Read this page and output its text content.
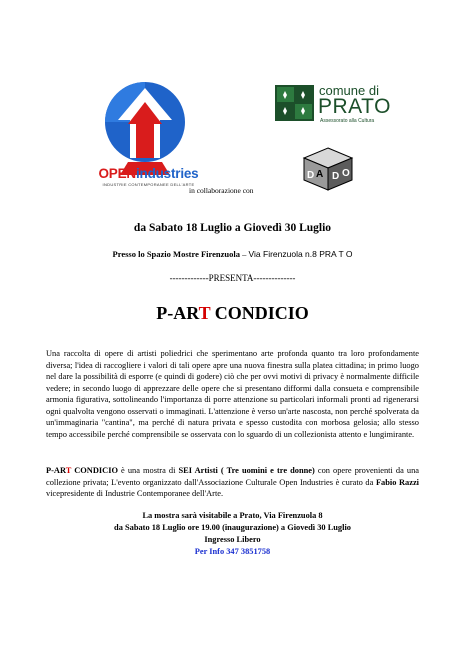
OPENindustries
INDUSTRIE CONTEMPORANEE DELL'ARTE
comune di
PRATO
Assessorato alla Cultura
in collaborazione con
D A D O
da Sabato 18 Luglio a Giovedì 30 Luglio
Presso lo Spazio Mostre Firenzuola – Via Firenzuola n.8 PRA T O
-------------PRESENTA--------------
P-ART CONDICIO
Una raccolta di opere di artisti poliedrici che sperimentano arte profonda quanto tra loro profondamente diversa; l'idea di raccogliere i valori di tali opere apre una nuova finestra sulla platea cittadina; in primo luogo nel dare la possibilità di esporre (e quindi di godere) ciò che per ovvi motivi di privacy è normalmente difficile vedere; in secondo luogo di apprezzare delle opere che si presentano difformi dalla consueta e comprensibile armonia figurativa, sottolineando l'importanza di porre attenzione su particolari informali pronti ad rigenerarsi ogni qualvolta vengono osservati o immaginati. L'attenzione è verso un'arte nascosta, non perché spolverata da un'immaginaria "cantina", ma perché di natura privata e spesso custodita con morbosa gelosia; allo stesso tempo accessibile perché comprensibile se osservata con lo sguardo di un collezionista attento e lungimirante.
P-ART CONDICIO è una mostra di SEI Artisti ( Tre uomini e tre donne) con opere provenienti da una collezione privata; L'evento organizzato dall'Associazione Culturale Open Industries è curato da Fabio Razzi vicepresidente di Industrie Contemporanee dell'Arte.
La mostra sarà visitabile a Prato, Via Firenzuola 8
da Sabato 18 Luglio ore 19.00 (inaugurazione) a Giovedì 30 Luglio
Ingresso Libero
Per Info 347 3851758
